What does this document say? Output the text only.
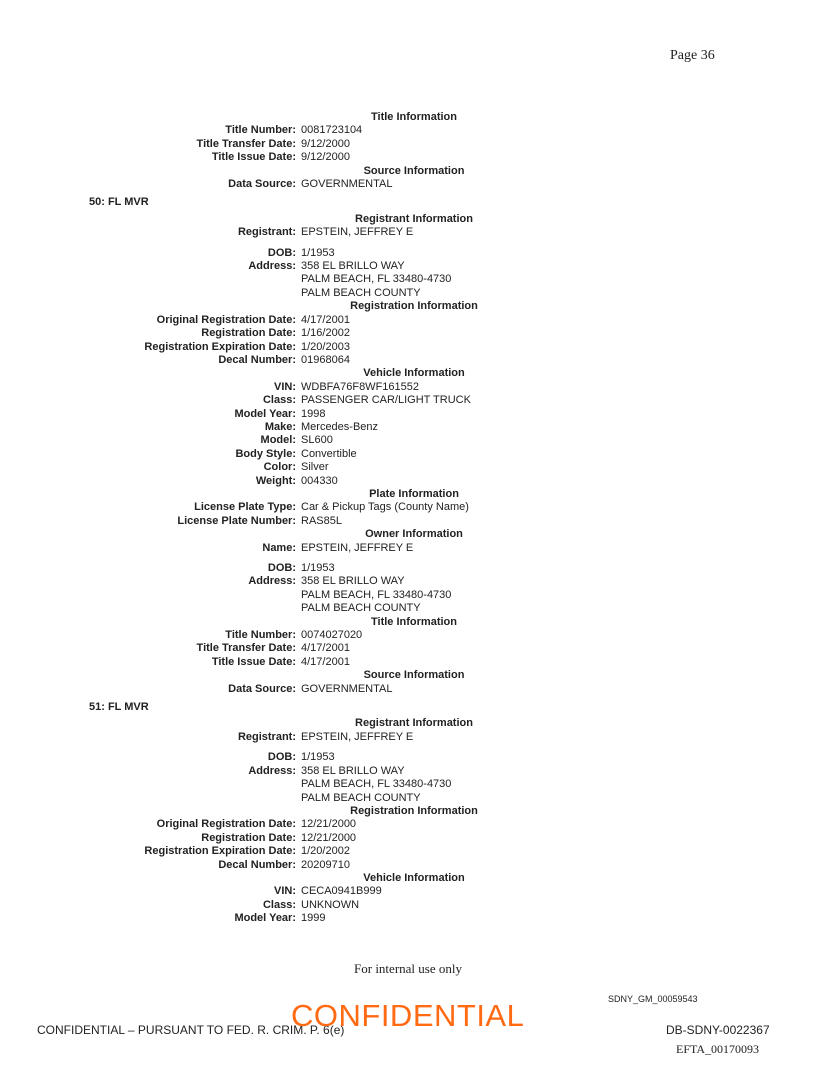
Page 36
Title Information
Title Number: 0081723104
Title Transfer Date: 9/12/2000
Title Issue Date: 9/12/2000
Source Information
Data Source: GOVERNMENTAL
50: FL MVR
Registrant Information
Registrant: EPSTEIN, JEFFREY E
DOB: 1/1953
Address: 358 EL BRILLO WAY
PALM BEACH, FL 33480-4730
PALM BEACH COUNTY
Registration Information
Original Registration Date: 4/17/2001
Registration Date: 1/16/2002
Registration Expiration Date: 1/20/2003
Decal Number: 01968064
Vehicle Information
VIN: WDBFA76F8WF161552
Class: PASSENGER CAR/LIGHT TRUCK
Model Year: 1998
Make: Mercedes-Benz
Model: SL600
Body Style: Convertible
Color: Silver
Weight: 004330
Plate Information
License Plate Type: Car & Pickup Tags (County Name)
License Plate Number: RAS85L
Owner Information
Name: EPSTEIN, JEFFREY E
DOB: 1/1953
Address: 358 EL BRILLO WAY
PALM BEACH, FL 33480-4730
PALM BEACH COUNTY
Title Information
Title Number: 0074027020
Title Transfer Date: 4/17/2001
Title Issue Date: 4/17/2001
Source Information
Data Source: GOVERNMENTAL
51: FL MVR
Registrant Information
Registrant: EPSTEIN, JEFFREY E
DOB: 1/1953
Address: 358 EL BRILLO WAY
PALM BEACH, FL 33480-4730
PALM BEACH COUNTY
Registration Information
Original Registration Date: 12/21/2000
Registration Date: 12/21/2000
Registration Expiration Date: 1/20/2002
Decal Number: 20209710
Vehicle Information
VIN: CECA0941B999
Class: UNKNOWN
Model Year: 1999
For internal use only
SDNY_GM_00059543
CONFIDENTIAL – PURSUANT TO FED. R. CRIM. P. 6(e)
CONFIDENTIAL	DB-SDNY-0022367
EFTA_00170093
